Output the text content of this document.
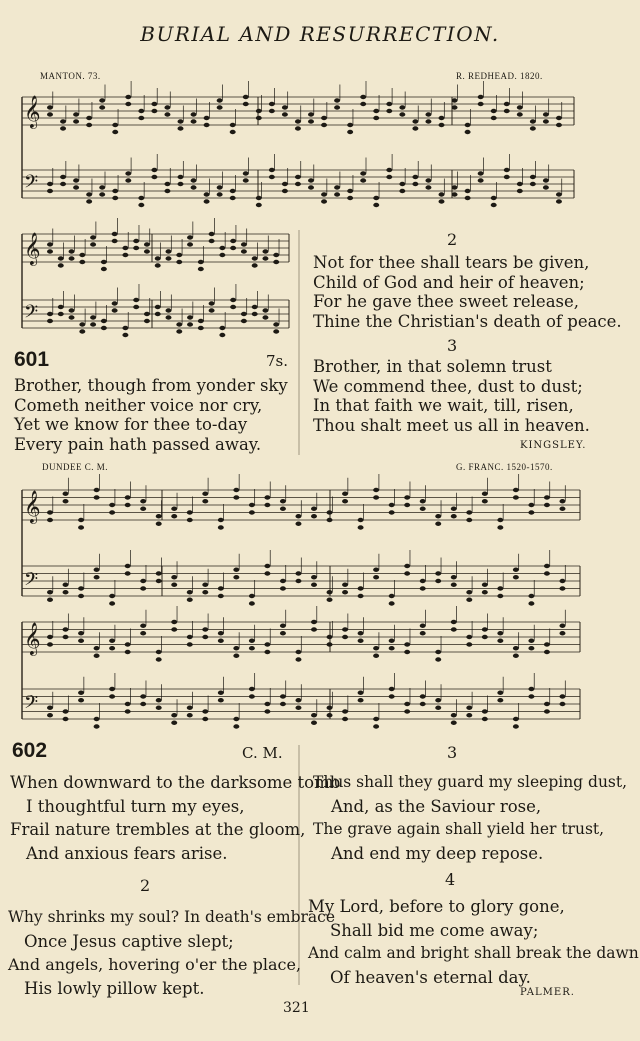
𝄞
𝄢
𝄞
𝄢
𝄞
𝄢
𝄞
𝄢
BURIAL AND RESURRECTION.
MANTON. 73.	R. REDHEAD. 1820.
601	7s.
Brother, though from yonder sky
Cometh neither voice nor cry,
Yet we know for thee to-day
Every pain hath passed away.
2
Not for thee shall tears be given,
Child of God and heir of heaven;
For he gave thee sweet release,
Thine the Christian's death of peace.
3
Brother, in that solemn trust
We commend thee, dust to dust;
In that faith we wait, till, risen,
Thou shalt meet us all in heaven.
KINGSLEY.
DUNDEE C. M.	G. FRANC. 1520-1570.
602	C. M.
When downward to the darksome tomb
I thoughtful turn my eyes,
Frail nature trembles at the gloom,
And anxious fears arise.
2
Why shrinks my soul? In death's embrace
Once Jesus captive slept;
And angels, hovering o'er the place,
His lowly pillow kept.
3
Thus shall they guard my sleeping dust,
And, as the Saviour rose,
The grave again shall yield her trust,
And end my deep repose.
4
My Lord, before to glory gone,
Shall bid me come away;
And calm and bright shall break the dawn
Of heaven's eternal day.
PALMER.
321
